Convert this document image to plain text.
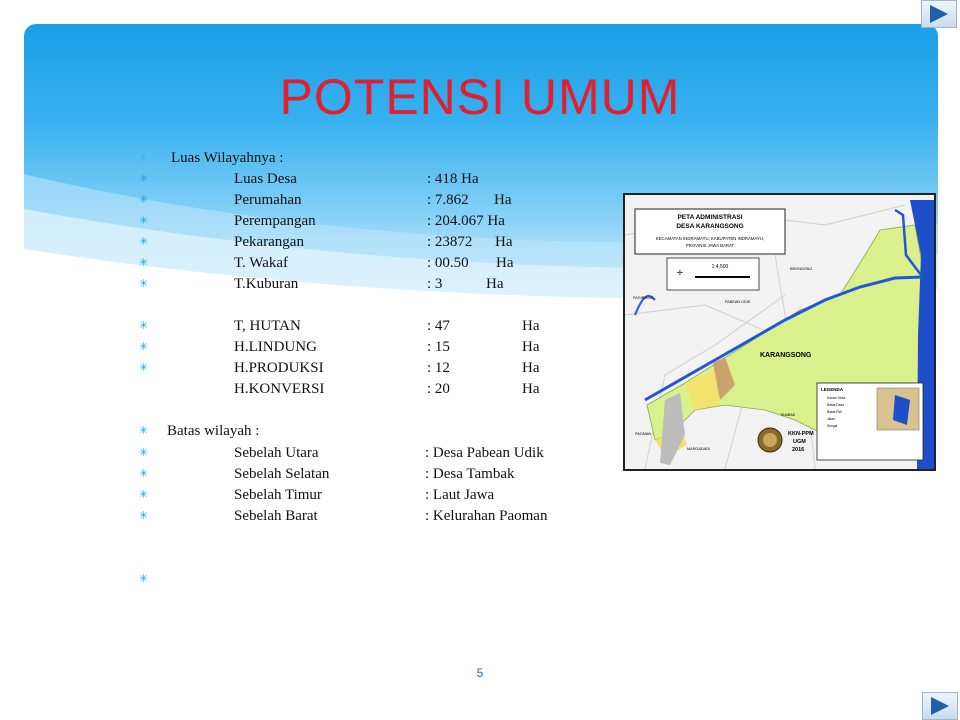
POTENSI UMUM
✳ Luas Wilayahnya :
✳	Luas Desa	: 418 Ha
✳	Perumahan	: 7.862 Ha
✳	Perempangan	: 204.067 Ha
✳	Pekarangan	: 23872 Ha
✳	T. Wakaf	: 00.50 Ha
✳	T.Kuburan	: 3	Ha
✳	T, HUTAN	: 47	Ha
✳	H.LINDUNG	: 15	Ha
✳	H.PRODUKSI	: 12	Ha
H.KONVERSI	: 20	Ha
✳ Batas wilayah :
✳	Sebelah Utara	: Desa Pabean Udik
✳	Sebelah Selatan	: Desa Tambak
✳	Sebelah Timur	: Laut Jawa
✳	Sebelah Barat	: Kelurahan Paoman
✳
PETA ADMINISTRASI
DESA KARANGSONG
KECAMATAN INDRAMAYU, KABUPATEN INDRAMAYU,
PROVINSI JAWA BARAT
1:4,500
✛
KARANGSONG
BRONDONG
PABEAN UDIK
PAGIRIKAN
TAMBAK
PAOMAN
MARGADADI
LEGENDA
Kantor Desa
Batas Desa
Batas RW
Jalan
Sungai
KKN-PPM
UGM
2016
5
